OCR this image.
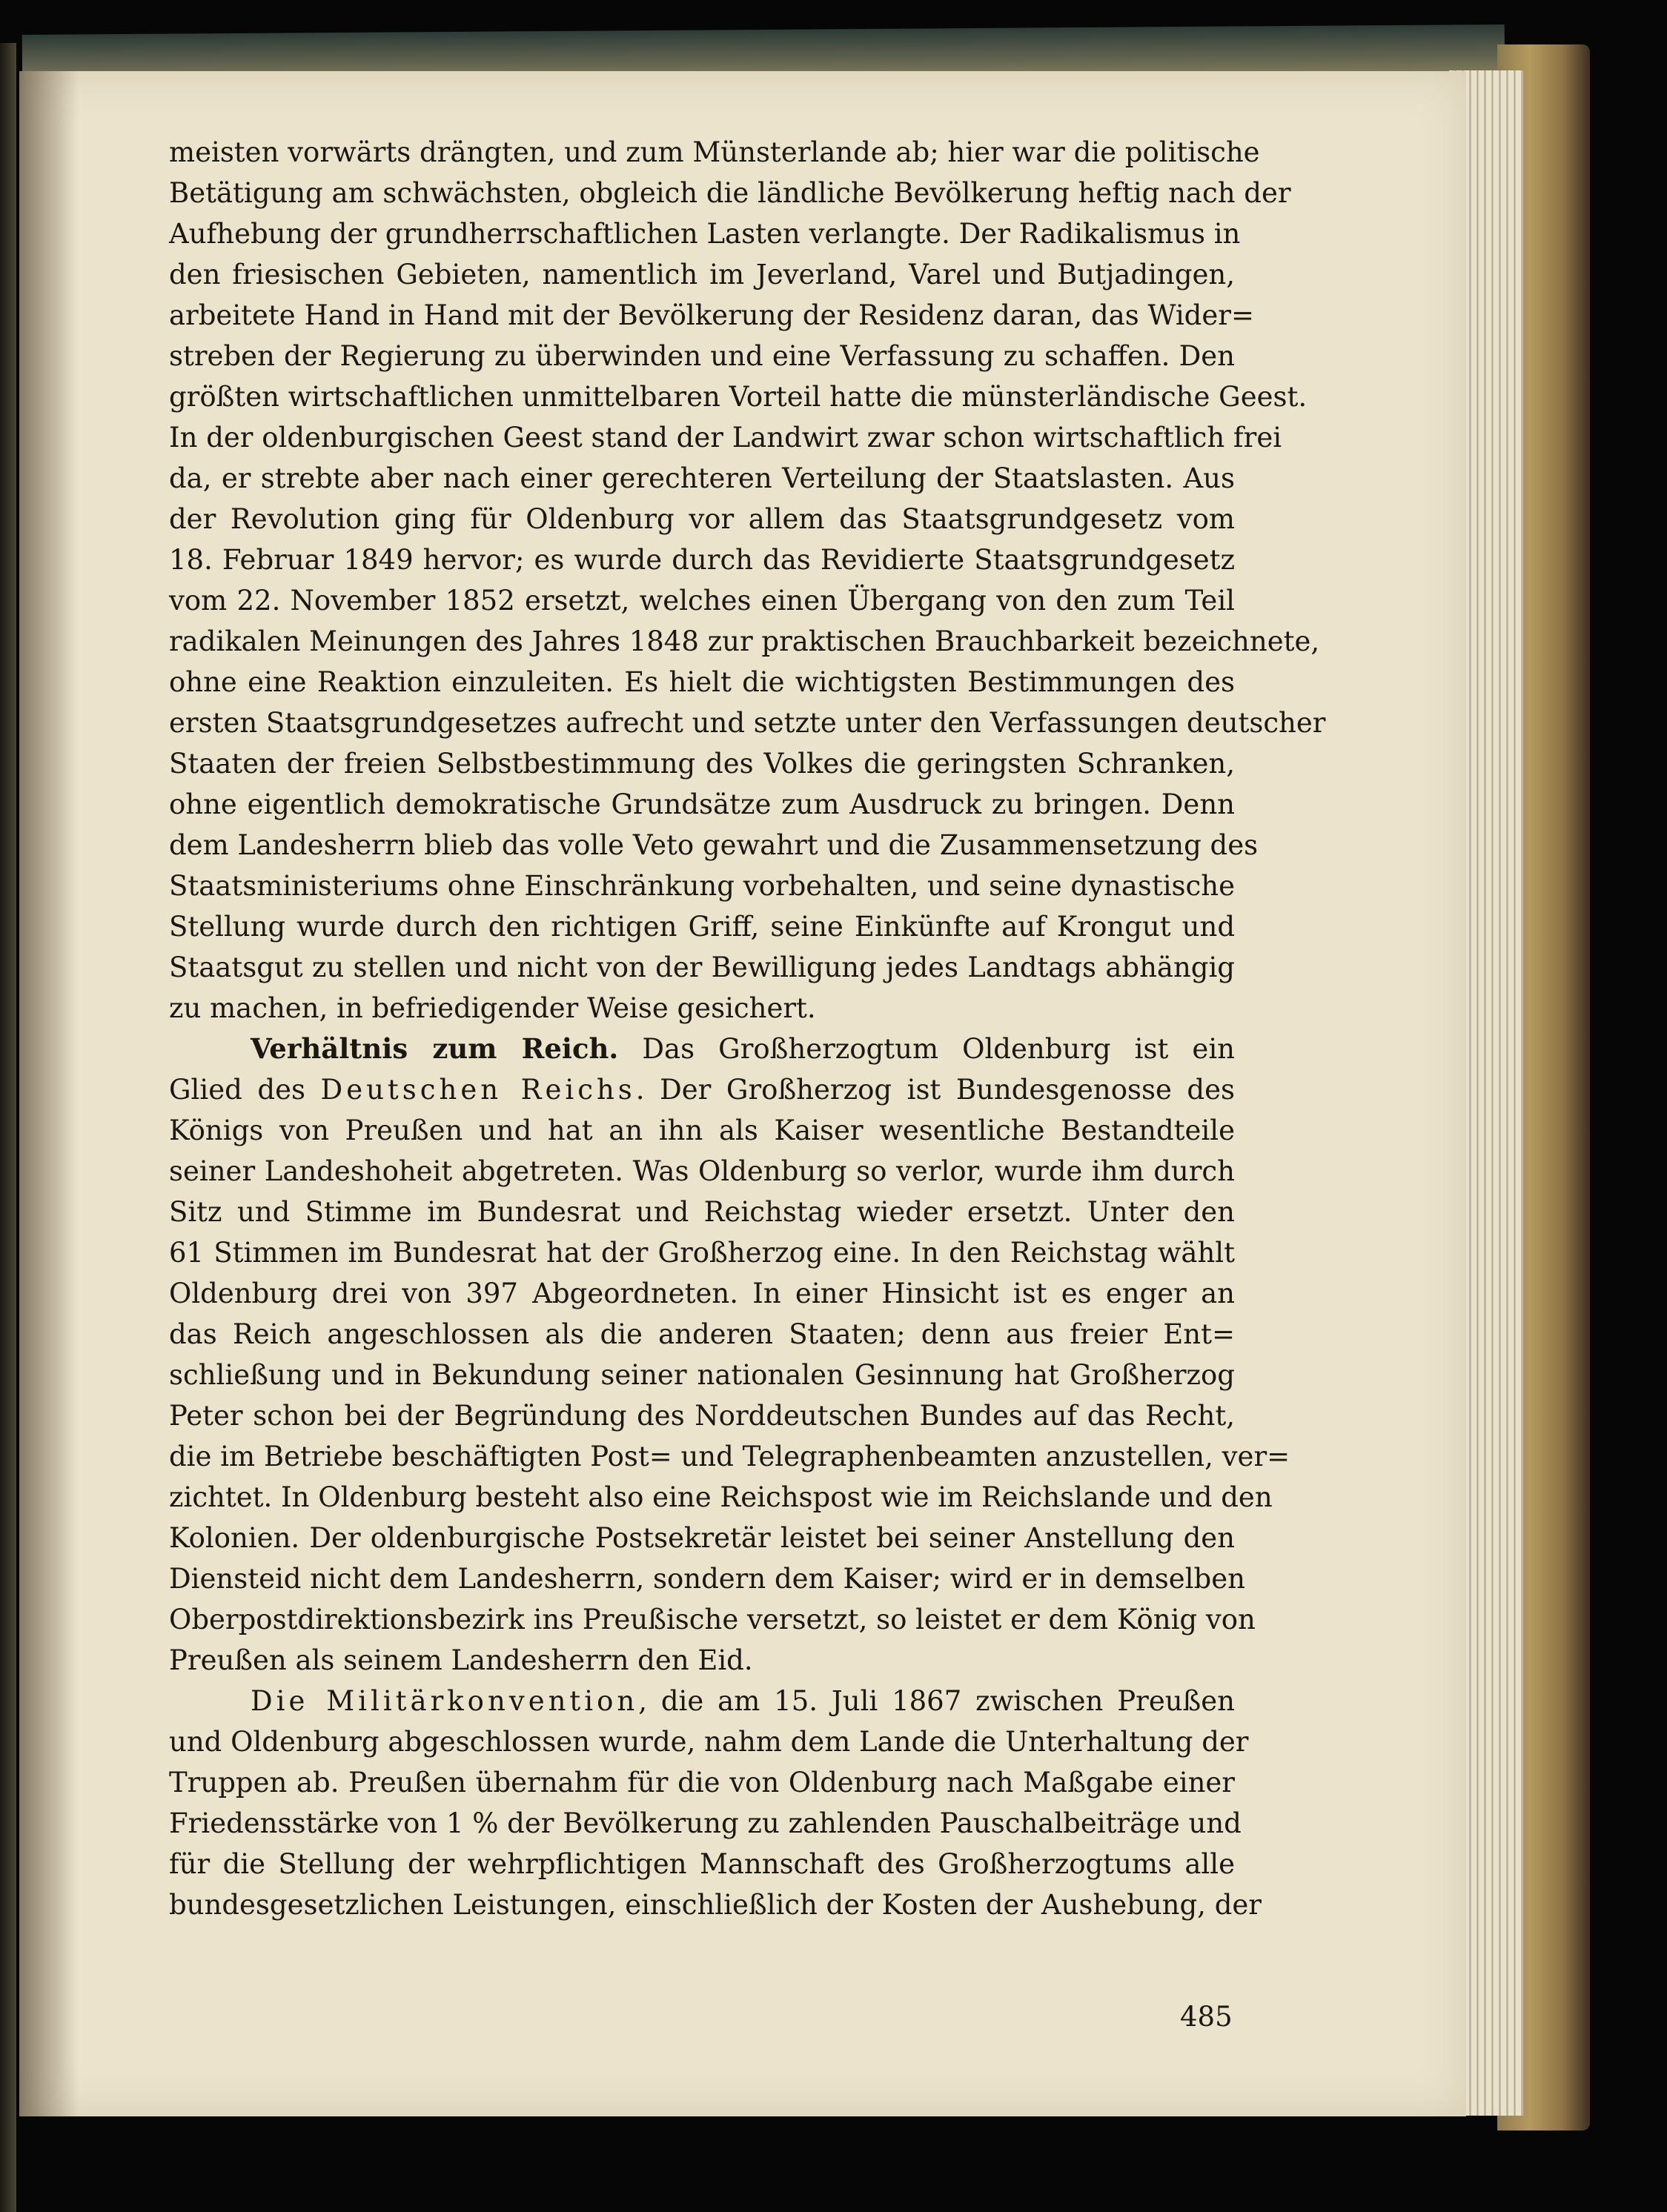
meisten vorwärts drängten, und zum Münsterlande ab; hier war die politische
Betätigung am schwächsten, obgleich die ländliche Bevölkerung heftig nach der
Aufhebung der grundherrschaftlichen Lasten verlangte. Der Radikalismus in
den friesischen Gebieten, namentlich im Jeverland, Varel und Butjadingen,
arbeitete Hand in Hand mit der Bevölkerung der Residenz daran, das Wider=
streben der Regierung zu überwinden und eine Verfassung zu schaffen. Den
größten wirtschaftlichen unmittelbaren Vorteil hatte die münsterländische Geest.
In der oldenburgischen Geest stand der Landwirt zwar schon wirtschaftlich frei
da, er strebte aber nach einer gerechteren Verteilung der Staatslasten. Aus
der Revolution ging für Oldenburg vor allem das Staatsgrundgesetz vom
18. Februar 1849 hervor; es wurde durch das Revidierte Staatsgrundgesetz
vom 22. November 1852 ersetzt, welches einen Übergang von den zum Teil
radikalen Meinungen des Jahres 1848 zur praktischen Brauchbarkeit bezeichnete,
ohne eine Reaktion einzuleiten. Es hielt die wichtigsten Bestimmungen des
ersten Staatsgrundgesetzes aufrecht und setzte unter den Verfassungen deutscher
Staaten der freien Selbstbestimmung des Volkes die geringsten Schranken,
ohne eigentlich demokratische Grundsätze zum Ausdruck zu bringen. Denn
dem Landesherrn blieb das volle Veto gewahrt und die Zusammensetzung des
Staatsministeriums ohne Einschränkung vorbehalten, und seine dynastische
Stellung wurde durch den richtigen Griff, seine Einkünfte auf Krongut und
Staatsgut zu stellen und nicht von der Bewilligung jedes Landtags abhängig
zu machen, in befriedigender Weise gesichert.
Verhältnis zum Reich. Das Großherzogtum Oldenburg ist ein
Glied des Deutschen Reichs. Der Großherzog ist Bundesgenosse des
Königs von Preußen und hat an ihn als Kaiser wesentliche Bestandteile
seiner Landeshoheit abgetreten. Was Oldenburg so verlor, wurde ihm durch
Sitz und Stimme im Bundesrat und Reichstag wieder ersetzt. Unter den
61 Stimmen im Bundesrat hat der Großherzog eine. In den Reichstag wählt
Oldenburg drei von 397 Abgeordneten. In einer Hinsicht ist es enger an
das Reich angeschlossen als die anderen Staaten; denn aus freier Ent=
schließung und in Bekundung seiner nationalen Gesinnung hat Großherzog
Peter schon bei der Begründung des Norddeutschen Bundes auf das Recht,
die im Betriebe beschäftigten Post= und Telegraphenbeamten anzustellen, ver=
zichtet. In Oldenburg besteht also eine Reichspost wie im Reichslande und den
Kolonien. Der oldenburgische Postsekretär leistet bei seiner Anstellung den
Diensteid nicht dem Landesherrn, sondern dem Kaiser; wird er in demselben
Oberpostdirektionsbezirk ins Preußische versetzt, so leistet er dem König von
Preußen als seinem Landesherrn den Eid.
Die Militärkonvention, die am 15. Juli 1867 zwischen Preußen
und Oldenburg abgeschlossen wurde, nahm dem Lande die Unterhaltung der
Truppen ab. Preußen übernahm für die von Oldenburg nach Maßgabe einer
Friedensstärke von 1 % der Bevölkerung zu zahlenden Pauschalbeiträge und
für die Stellung der wehrpflichtigen Mannschaft des Großherzogtums alle
bundesgesetzlichen Leistungen, einschließlich der Kosten der Aushebung, der
485
